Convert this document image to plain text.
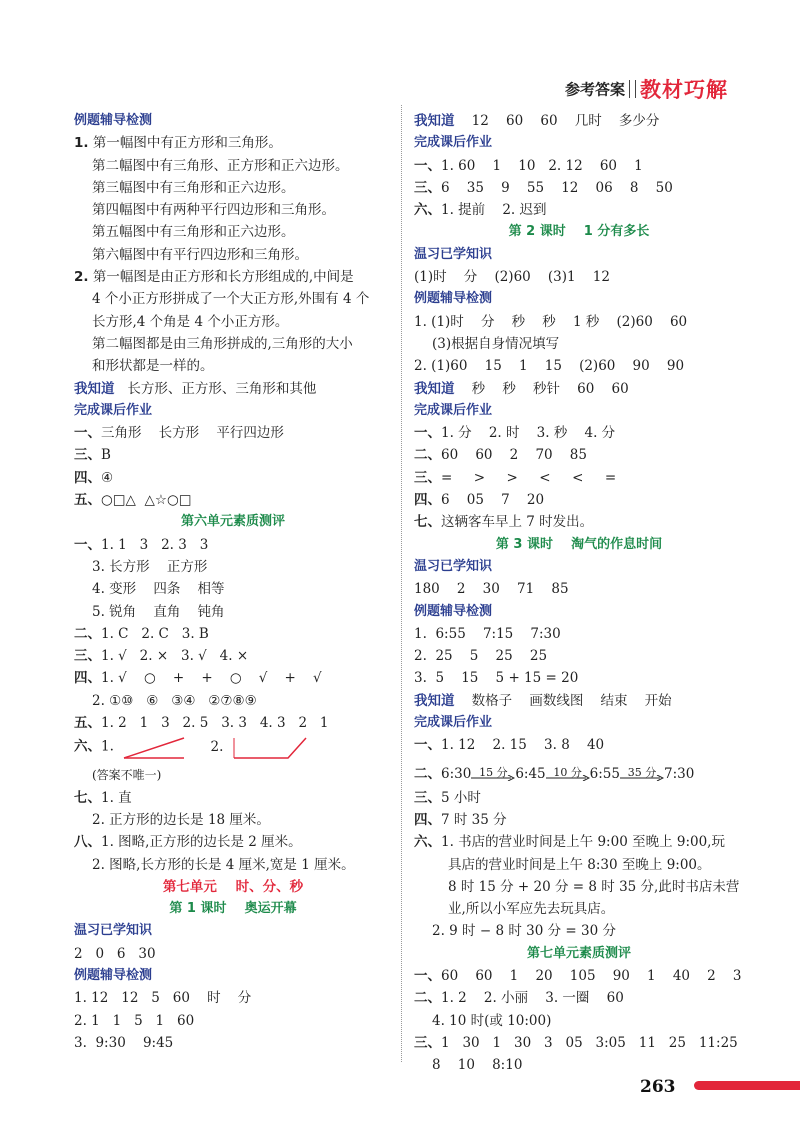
参考答案 教材巧解
例题辅导检测
1. 第一幅图中有正方形和三角形。
第二幅图中有三角形、正方形和正六边形。
第三幅图中有三角形和正六边形。
第四幅图中有两种平行四边形和三角形。
第五幅图中有三角形和正六边形。
第六幅图中有平行四边形和三角形。
2. 第一幅图是由正方形和长方形组成的,中间是
4 个小正方形拼成了一个大正方形,外围有 4 个
长方形,4 个角是 4 个小正方形。
第二幅图都是由三角形拼成的,三角形的大小
和形状都是一样的。
我知道 长方形、正方形、三角形和其他
完成课后作业
一、三角形    长方形    平行四边形
三、B
四、④
五、○□△  △☆○□
第六单元素质测评
一、1. 1   3   2. 3   3
3. 长方形    正方形
4. 变形    四条    相等
5. 锐角    直角    钝角
二、1. C   2. C   3. B
三、1. √   2. ×   3. √   4. ×
四、1. √    ○    +    +    ○    √    +    √
2. ①⑩   ⑥   ③④   ②⑦⑧⑨
五、1. 2   1   3   2. 5   3. 3   4. 3   2   1
六、1.	2.
(答案不唯一)
七、1. 直
2. 正方形的边长是 18 厘米。
八、1. 图略,正方形的边长是 2 厘米。
2. 图略,长方形的长是 4 厘米,宽是 1 厘米。
第七单元    时、分、秒
第 1 课时    奥运开幕
温习已学知识
2   0   6   30
例题辅导检测
1. 12   12   5   60    时    分
2. 1   1   5   1   60
3.  9:30    9:45
我知道 12    60    60    几时    多少分
完成课后作业
一、1. 60    1    10   2. 12    60    1
三、6    35    9    55    12    06    8    50
六、1. 提前    2. 迟到
第 2 课时    1 分有多长
温习已学知识
(1)时    分    (2)60    (3)1    12
例题辅导检测
1. (1)时    分    秒    秒    1 秒    (2)60    60
(3)根据自身情况填写
2. (1)60    15    1    15    (2)60    90    90
我知道 秒    秒    秒针    60    60
完成课后作业
一、1. 分    2. 时    3. 秒    4. 分
二、60    60    2    70    85
三、=     >     >     <     <     =
四、6    05    7    20
七、这辆客车早上 7 时发出。
第 3 课时    淘气的作息时间
温习已学知识
180    2    30    71    85
例题辅导检测
1.  6:55    7:15    7:30
2.  25    5    25    25
3.  5    15    5 + 15 = 20
我知道 数格子    画数线图    结束    开始
完成课后作业
一、1. 12    2. 15    3. 8    40
二、6:30 15 分 6:45 10 分 6:55 35 分 7:30
三、5 小时
四、7 时 35 分
六、1. 书店的营业时间是上午 9:00 至晚上 9:00,玩
具店的营业时间是上午 8:30 至晚上 9:00。
8 时 15 分 + 20 分 = 8 时 35 分,此时书店未营
业,所以小军应先去玩具店。
2. 9 时 − 8 时 30 分 = 30 分
第七单元素质测评
一、60    60    1    20    105    90    1    40    2    3
二、1. 2    2. 小丽    3. 一圈    60
4. 10 时(或 10:00)
三、1   30   1   30   3   05   3:05   11   25   11:25
8    10    8:10
263
